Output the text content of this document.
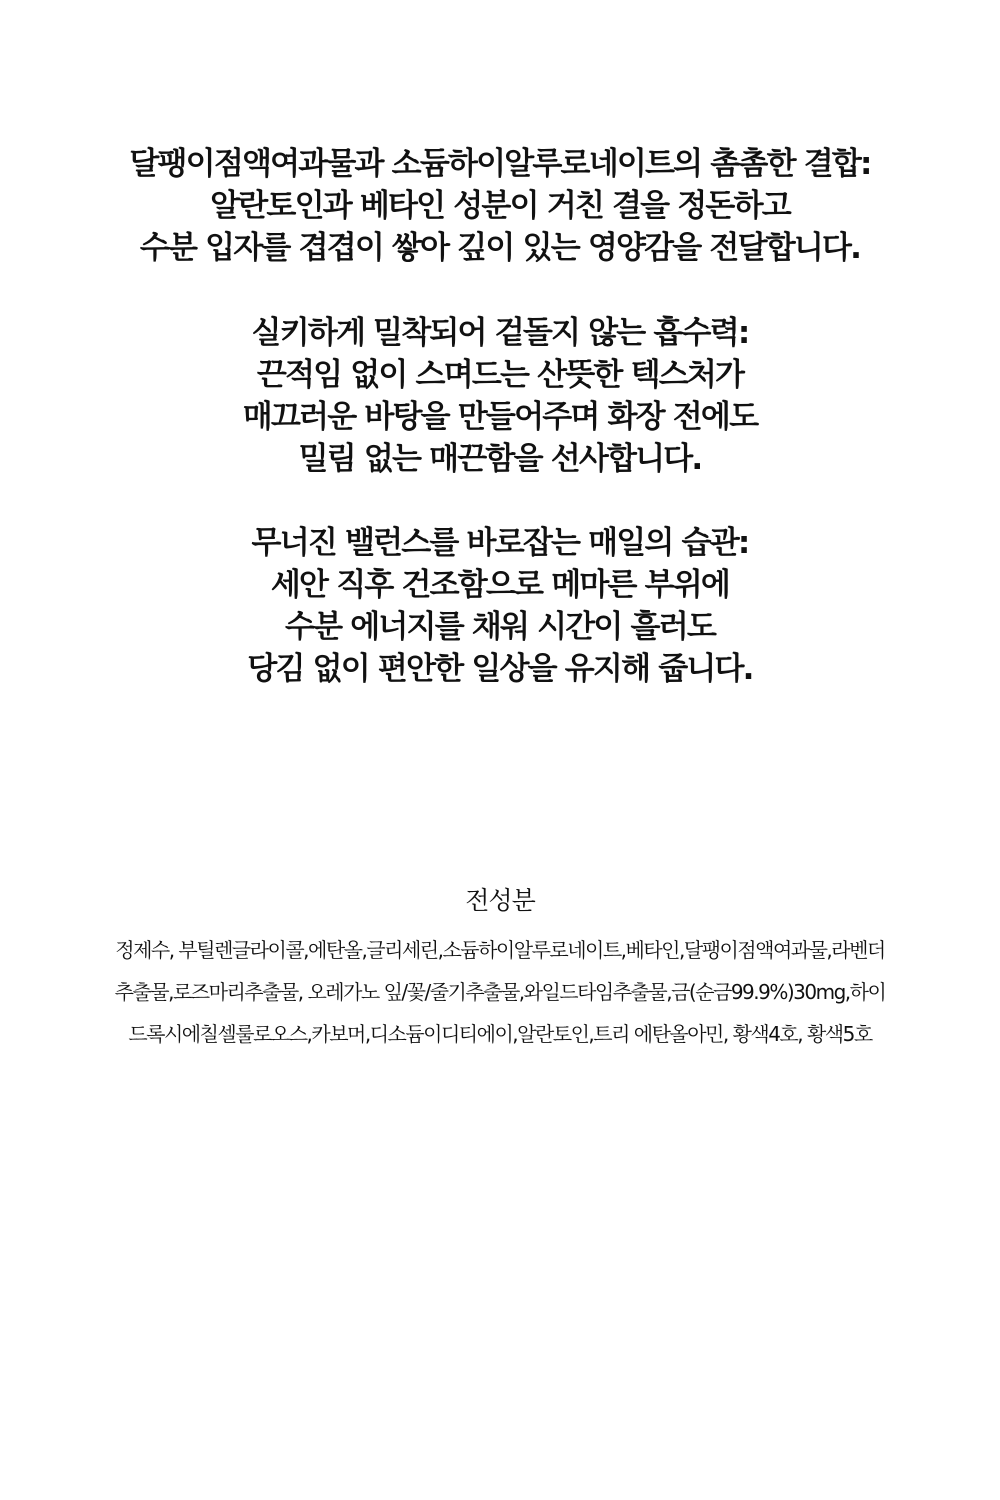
달팽이점액여과물과 소듐하이알루로네이트의 촘촘한 결합:
알란토인과 베타인 성분이 거친 결을 정돈하고
수분 입자를 겹겹이 쌓아 깊이 있는 영양감을 전달합니다.
실키하게 밀착되어 겉돌지 않는 흡수력:
끈적임 없이 스며드는 산뜻한 텍스처가
매끄러운 바탕을 만들어주며 화장 전에도
밀림 없는 매끈함을 선사합니다.
무너진 밸런스를 바로잡는 매일의 습관:
세안 직후 건조함으로 메마른 부위에
수분 에너지를 채워 시간이 흘러도
당김 없이 편안한 일상을 유지해 줍니다.
전성분
정제수, 부틸렌글라이콜,에탄올,글리세린,소듐하이알루로네이트,베타인,달팽이점액여과물,라벤더
추출물,로즈마리추출물, 오레가노 잎/꽃/줄기추출물,와일드타임추출물,금(순금99.9%)30mg,하이
드록시에칠셀룰로오스,카보머,디소듐이디티에이,알란토인,트리 에탄올아민, 황색4호, 황색5호
